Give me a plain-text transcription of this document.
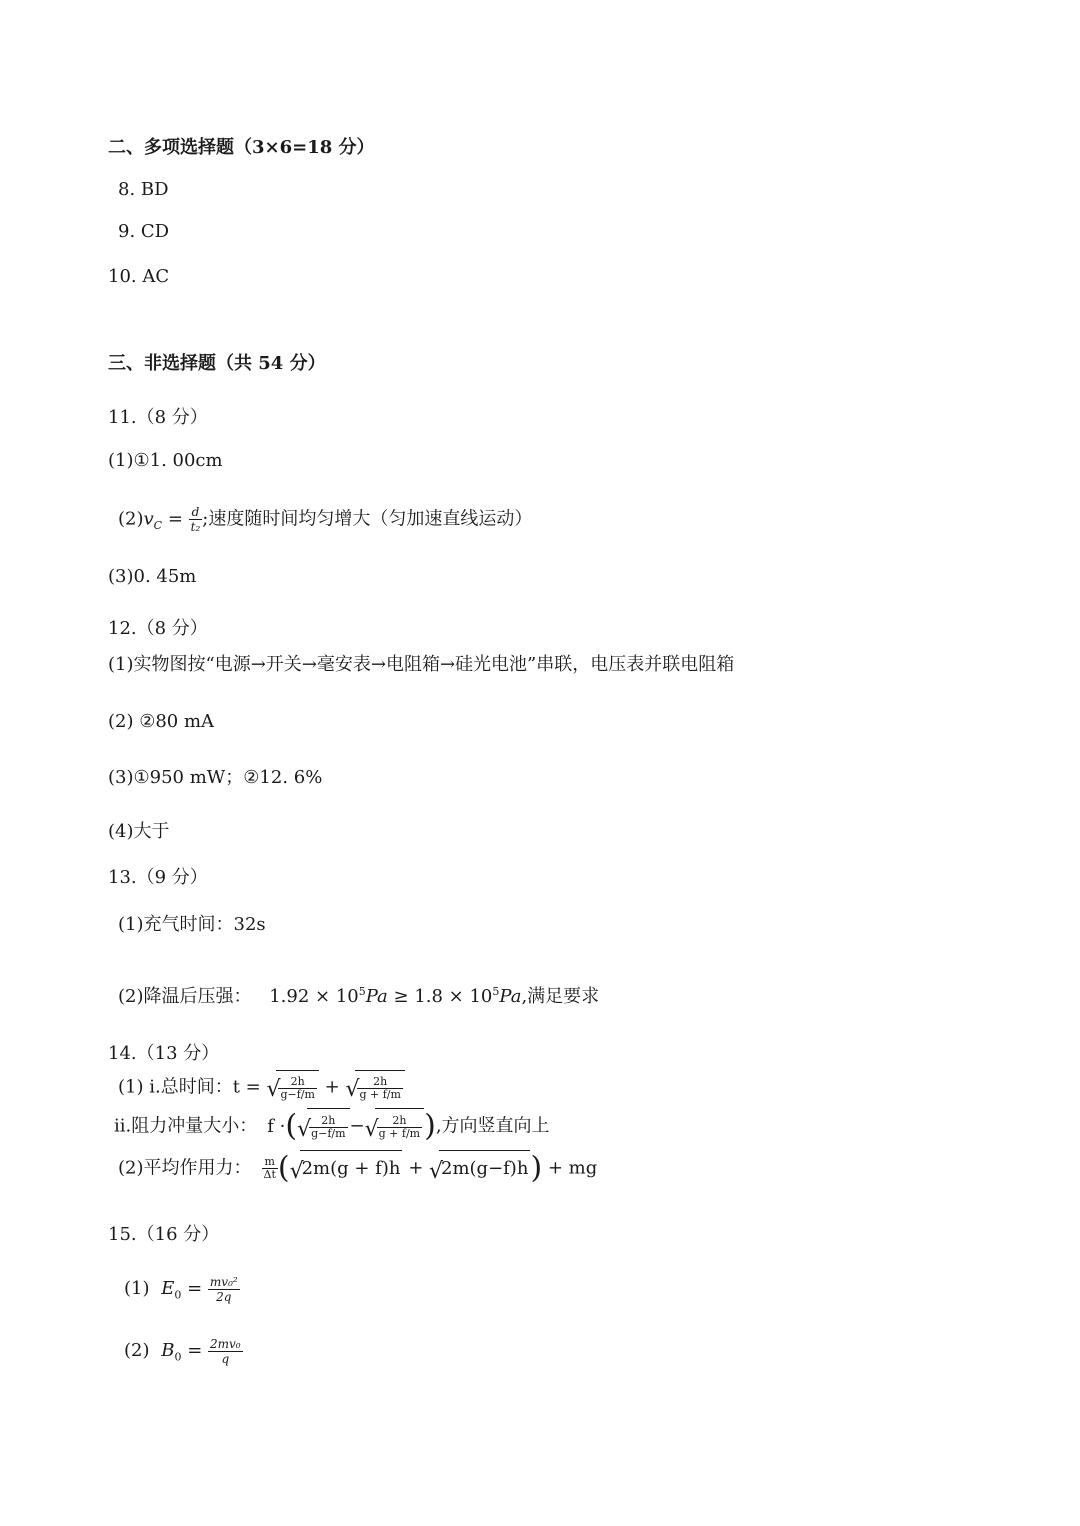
二、多项选择题（3×6=18 分）
8. BD
9. CD
10. AC
三、非选择题（共 54 分）
11.（8 分）
(1)①1. 00cm
$(2)v_C = \frac{d}{\text{t₂}}$ ;速度随时间均匀增大（匀加速直线运动）
(3)0. 45m
12.（8 分）
(1)实物图按“电源→开关→毫安表→电阻箱→硅光电池”串联，电压表并联电阻箱
(2) ②80 mA
(3)①950 mW；②12. 6%
(4)大于
13.（9 分）
(1)充气时间：32s
(2)降温后压强： $1.92 \times 10^5Pa \ge 1.8 \times 10^5Pa$,满足要求
14.（13 分）
(1) i.总时间：t = √
$\frac{2h}{g-f/m}$ + √
$\frac{2h}{g + f/m}$
ii.阻力冲量大小： f ·( √
$\frac{2h}{g-f/m}$ − √
$\frac{2h}{g + f/m}$ ),方向竖直向上
(2)平均作用力： $\frac{m}{\Delta t}$ ( √
2m(g + f)h + √
2m(g−f)h) + mg
15.（16 分）
(1) $E_0 = \frac{\text{mv₀²}}{2q}$
(2) $B_0 = \frac{\text{2mv₀}}{q}$
